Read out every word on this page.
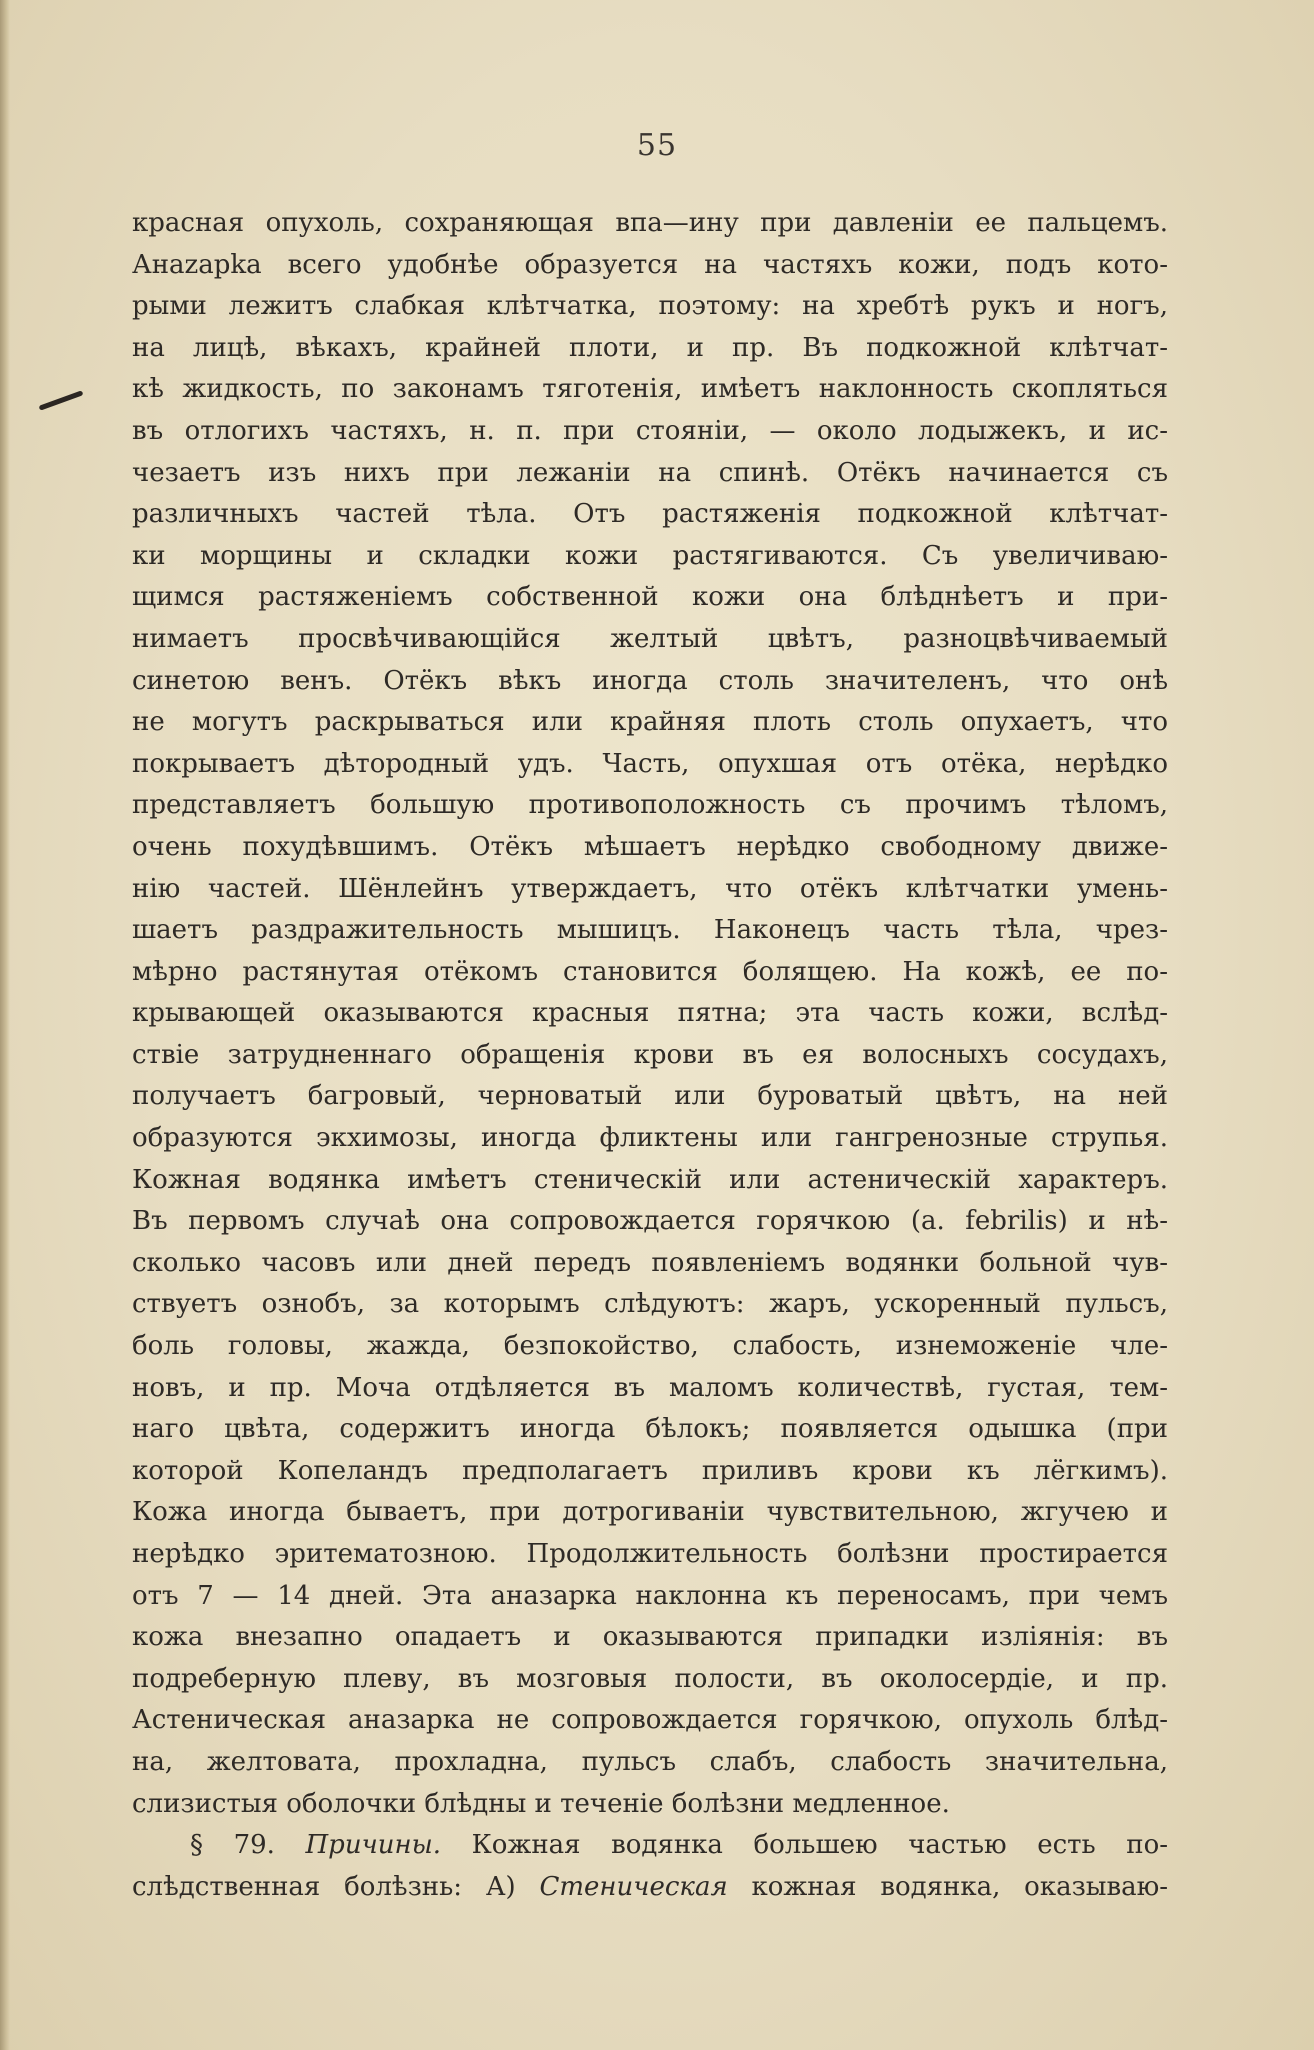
55
красная опухоль, сохраняющая впа—ину при давленіи ее пальцемъ.
Анazapka всего удобнѣе образуется на частяхъ кожи, подъ кото-
рыми лежитъ слабкая клѣтчатка, поэтому: на хребтѣ рукъ и ногъ,
на лицѣ, вѣкахъ, крайней плоти, и пр. Въ подкожной клѣтчат-
кѣ жидкость, по законамъ тяготенія, имѣетъ наклонность скопляться
въ отлогихъ частяхъ, н. п. при стояніи, — около лодыжекъ, и ис-
чезаетъ изъ нихъ при лежаніи на спинѣ. Отёкъ начинается съ
различныхъ частей тѣла. Отъ растяженія подкожной клѣтчат-
ки морщины и складки кожи растягиваются. Съ увеличиваю-
щимся растяженіемъ собственной кожи она блѣднѣетъ и при-
нимаетъ просвѣчивающійся желтый цвѣтъ, разноцвѣчиваемый
синетою венъ. Отёкъ вѣкъ иногда столь значителенъ, что онѣ
не могутъ раскрываться или крайняя плоть столь опухаетъ, что
покрываетъ дѣтородный удъ. Часть, опухшая отъ отёка, нерѣдко
представляетъ большую противоположность съ прочимъ тѣломъ,
очень похудѣвшимъ. Отёкъ мѣшаетъ нерѣдко свободному движе-
нію частей. Шёнлейнъ утверждаетъ, что отёкъ клѣтчатки умень-
шаетъ раздражительность мышицъ. Наконецъ часть тѣла, чрез-
мѣрно растянутая отёкомъ становится болящею. На кожѣ, ее по-
крывающей оказываются красныя пятна; эта часть кожи, вслѣд-
ствіе затрудненнаго обращенія крови въ ея волосныхъ сосудахъ,
получаетъ багровый, черноватый или буроватый цвѣтъ, на ней
образуются экхимозы, иногда фликтены или гангренозные струпья.
Кожная водянка имѣетъ стеническій или астеническій характеръ.
Въ первомъ случаѣ она сопровождается горячкою (а. febrilis) и нѣ-
сколько часовъ или дней передъ появленіемъ водянки больной чув-
ствуетъ ознобъ, за которымъ слѣдуютъ: жаръ, ускоренный пульсъ,
боль головы, жажда, безпокойство, слабость, изнеможеніе чле-
новъ, и пр. Моча отдѣляется въ маломъ количествѣ, густая, тем-
наго цвѣта, содержитъ иногда бѣлокъ; появляется одышка (при
которой Копеландъ предполагаетъ приливъ крови къ лёгкимъ).
Кожа иногда бываетъ, при дотрогиваніи чувствительною, жгучею и
нерѣдко эритематозною. Продолжительность болѣзни простирается
отъ 7 — 14 дней. Эта аназарка наклонна къ переносамъ, при чемъ
кожа внезапно опадаетъ и оказываются припадки изліянія: въ
подреберную плеву, въ мозговыя полости, въ околосердіе, и пр.
Астеническая аназарка не сопровождается горячкою, опухоль блѣд-
на, желтовата, прохладна, пульсъ слабъ, слабость значительна,
слизистыя оболочки блѣдны и теченіе болѣзни медленное.
§ 79. Причины. Кожная водянка большею частью есть по-
слѣдственная болѣзнь: А) Стеническая кожная водянка, оказываю-
